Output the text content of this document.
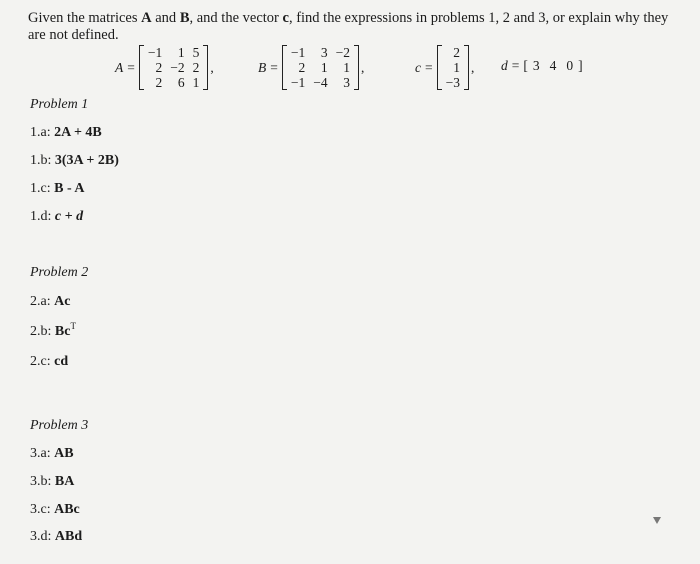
Given the matrices A and B, and the vector c, find the expressions in problems 1, 2 and 3, or explain why they are not defined.
A =
−1	1	5
2	−2	2
2	6	1
,	B =
−1	3	−2
2	1	1
−1	−4	3
,	c =
2
1
−3
, d = [ 3 4 0 ]
Problem 1
1.a: 2A + 4B
1.b: 3(3A + 2B)
1.c: B - A
1.d: c + d
Problem 2
2.a: Ac
2.b: $Bc^T$
2.c: cd
Problem 3
3.a: AB
3.b: BA
3.c: ABc
3.d: ABd
